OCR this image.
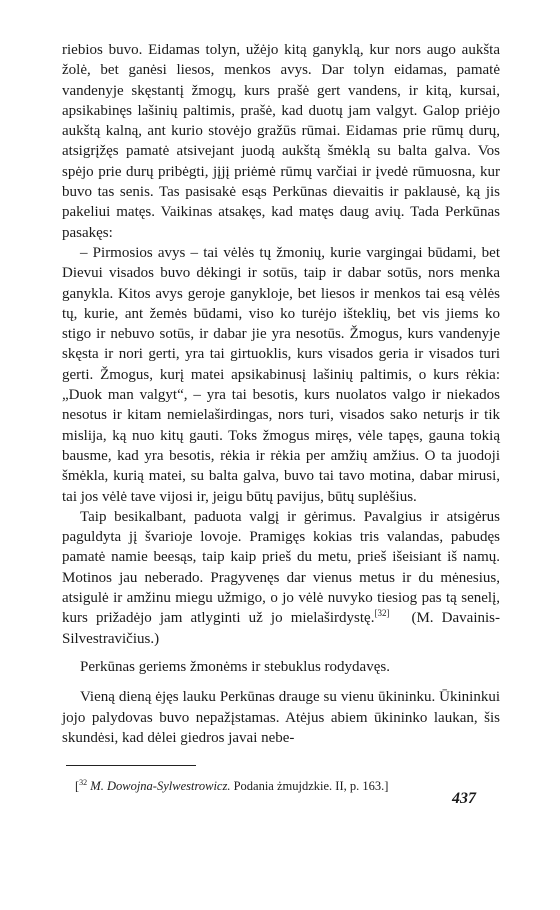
riebios buvo. Eidamas tolyn, užėjo kitą ganyklą, kur nors augo aukšta žolė, bet ganėsi liesos, menkos avys. Dar tolyn eidamas, pamatė vandenyje skęstantį žmogų, kurs prašė gert vandens, ir kitą, kursai, apsikabinęs lašinių paltimis, prašė, kad duotų jam valgyt. Galop priėjo aukštą kalną, ant kurio stovėjo gražūs rūmai. Eidamas prie rūmų durų, atsigrįžęs pamatė atsivejant juodą aukštą šmėklą su balta galva. Vos spėjo prie durų pribėgti, jįjį priėmė rūmų varčiai ir įvedė rūmuosna, kur buvo tas senis. Tas pasisakė esąs Perkūnas dievaitis ir paklausė, ką jis pakeliui matęs. Vaikinas atsakęs, kad matęs daug avių. Tada Perkūnas pasakęs:

– Pirmosios avys – tai vėlės tų žmonių, kurie vargingai būdami, bet Dievui visados buvo dėkingi ir sotūs, taip ir dabar sotūs, nors menka ganykla. Kitos avys geroje ganykloje, bet liesos ir menkos tai esą vėlės tų, kurie, ant žemės būdami, viso ko turėjo išteklių, bet vis jiems ko stigo ir nebuvo sotūs, ir dabar jie yra nesotūs. Žmogus, kurs vandenyje skęsta ir nori gerti, yra tai girtuoklis, kurs visados geria ir visados turi gerti. Žmogus, kurį matei apsikabinusį lašinių paltimis, o kurs rėkia: „Duok man valgyt“, – yra tai besotis, kurs nuolatos valgo ir niekados nesotus ir kitam nemielaširdingas, nors turi, visados sako neturįs ir tik mislija, ką nuo kitų gauti. Toks žmogus miręs, vėle tapęs, gauna tokią bausme, kad yra besotis, rėkia ir rėkia per amžių amžius. O ta juodoji šmėkla, kurią matei, su balta galva, buvo tai tavo motina, dabar mirusi, tai jos vėlė tave vijosi ir, jeigu būtų pavijus, būtų suplėšius.

Taip besikalbant, paduota valgį ir gėrimus. Pavalgius ir atsigėrus paguldyta jį švarioje lovoje. Pramigęs kokias tris valandas, pabudęs pamatė namie beesąs, taip kaip prieš du metu, prieš išeisiant iš namų. Motinos jau neberado. Pragyvenęs dar vienus metus ir du mėnesius, atsigulė ir amžinu miegu užmigo, o jo vėlė nuvyko tiesiog pas tą senelį, kurs prižadėjo jam atlyginti už jo mielaširdystę.[32] (M. Davainis-Silvestravičius.)

Perkūnas geriems žmonėms ir stebuklus rodydavęs.

Vieną dieną ėjęs lauku Perkūnas drauge su vienu ūkininku. Ūkininkui jojo palydovas buvo nepažįstamas. Atėjus abiem ūkininko laukan, šis skundėsi, kad dėlei giedros javai nebe-

[$^{32}$ M. Dowojna-Sylwestrowicz. Podania żmujdzkie. II, p. 163.]
437
